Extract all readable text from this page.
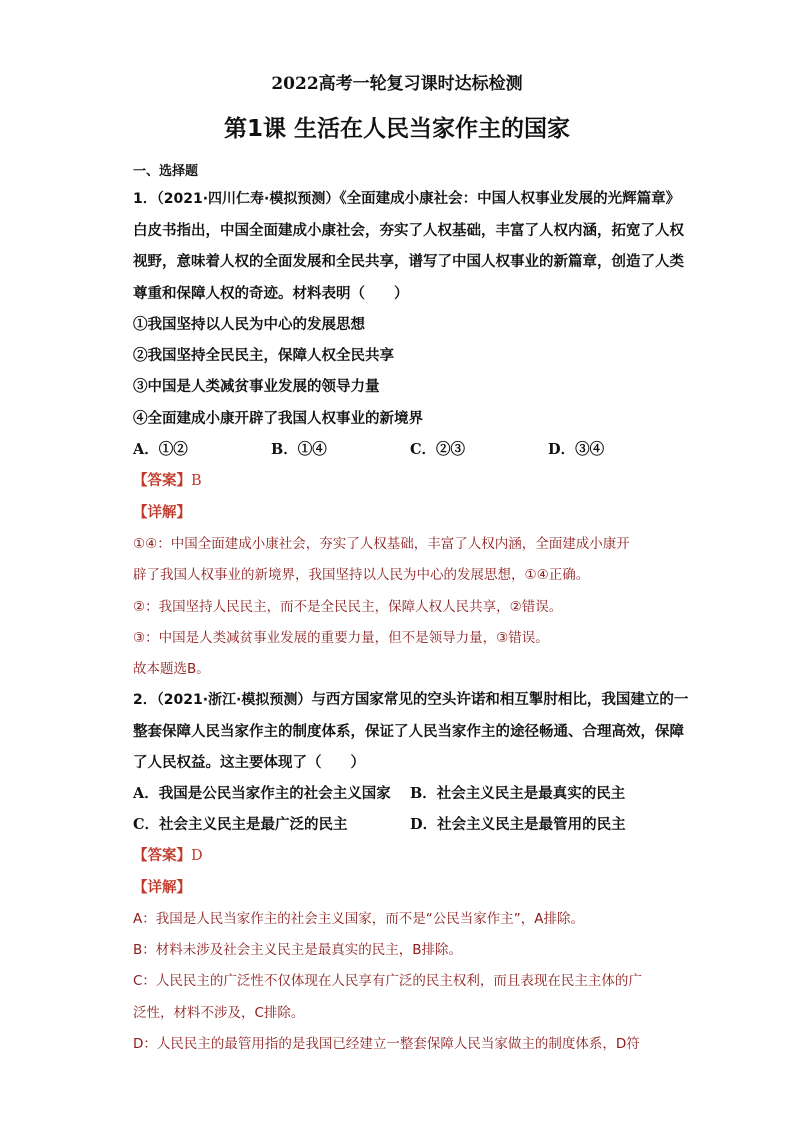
2022高考一轮复习课时达标检测
第1课 生活在人民当家作主的国家
一、选择题
1．（2021·四川仁寿·模拟预测）《全面建成小康社会：中国人权事业发展的光辉篇章》
白皮书指出，中国全面建成小康社会，夯实了人权基础，丰富了人权内涵，拓宽了人权
视野，意味着人权的全面发展和全民共享，谱写了中国人权事业的新篇章，创造了人类
尊重和保障人权的奇迹。材料表明（　　）
①我国坚持以人民为中心的发展思想
②我国坚持全民民主，保障人权全民共享
③中国是人类减贫事业发展的领导力量
④全面建成小康开辟了我国人权事业的新境界
A．①②	B．①④	C．②③	D．③④
【答案】B
【详解】
①④：中国全面建成小康社会，夯实了人权基础，丰富了人权内涵，全面建成小康开
辟了我国人权事业的新境界，我国坚持以人民为中心的发展思想，①④正确。
②：我国坚持人民民主，而不是全民民主，保障人权人民共享，②错误。
③：中国是人类减贫事业发展的重要力量，但不是领导力量，③错误。
故本题选B。
2．（2021·浙江·模拟预测）与西方国家常见的空头许诺和相互掣肘相比，我国建立的一
整套保障人民当家作主的制度体系，保证了人民当家作主的途径畅通、合理高效，保障
了人民权益。这主要体现了（　　）
A．我国是公民当家作主的社会主义国家 B．社会主义民主是最真实的民主
C．社会主义民主是最广泛的民主	D．社会主义民主是最管用的民主
【答案】D
【详解】
A：我国是人民当家作主的社会主义国家，而不是“公民当家作主”，A排除。
B：材料未涉及社会主义民主是最真实的民主，B排除。
C：人民民主的广泛性不仅体现在人民享有广泛的民主权利，而且表现在民主主体的广
泛性，材料不涉及，C排除。
D：人民民主的最管用指的是我国已经建立一整套保障人民当家做主的制度体系，D符
